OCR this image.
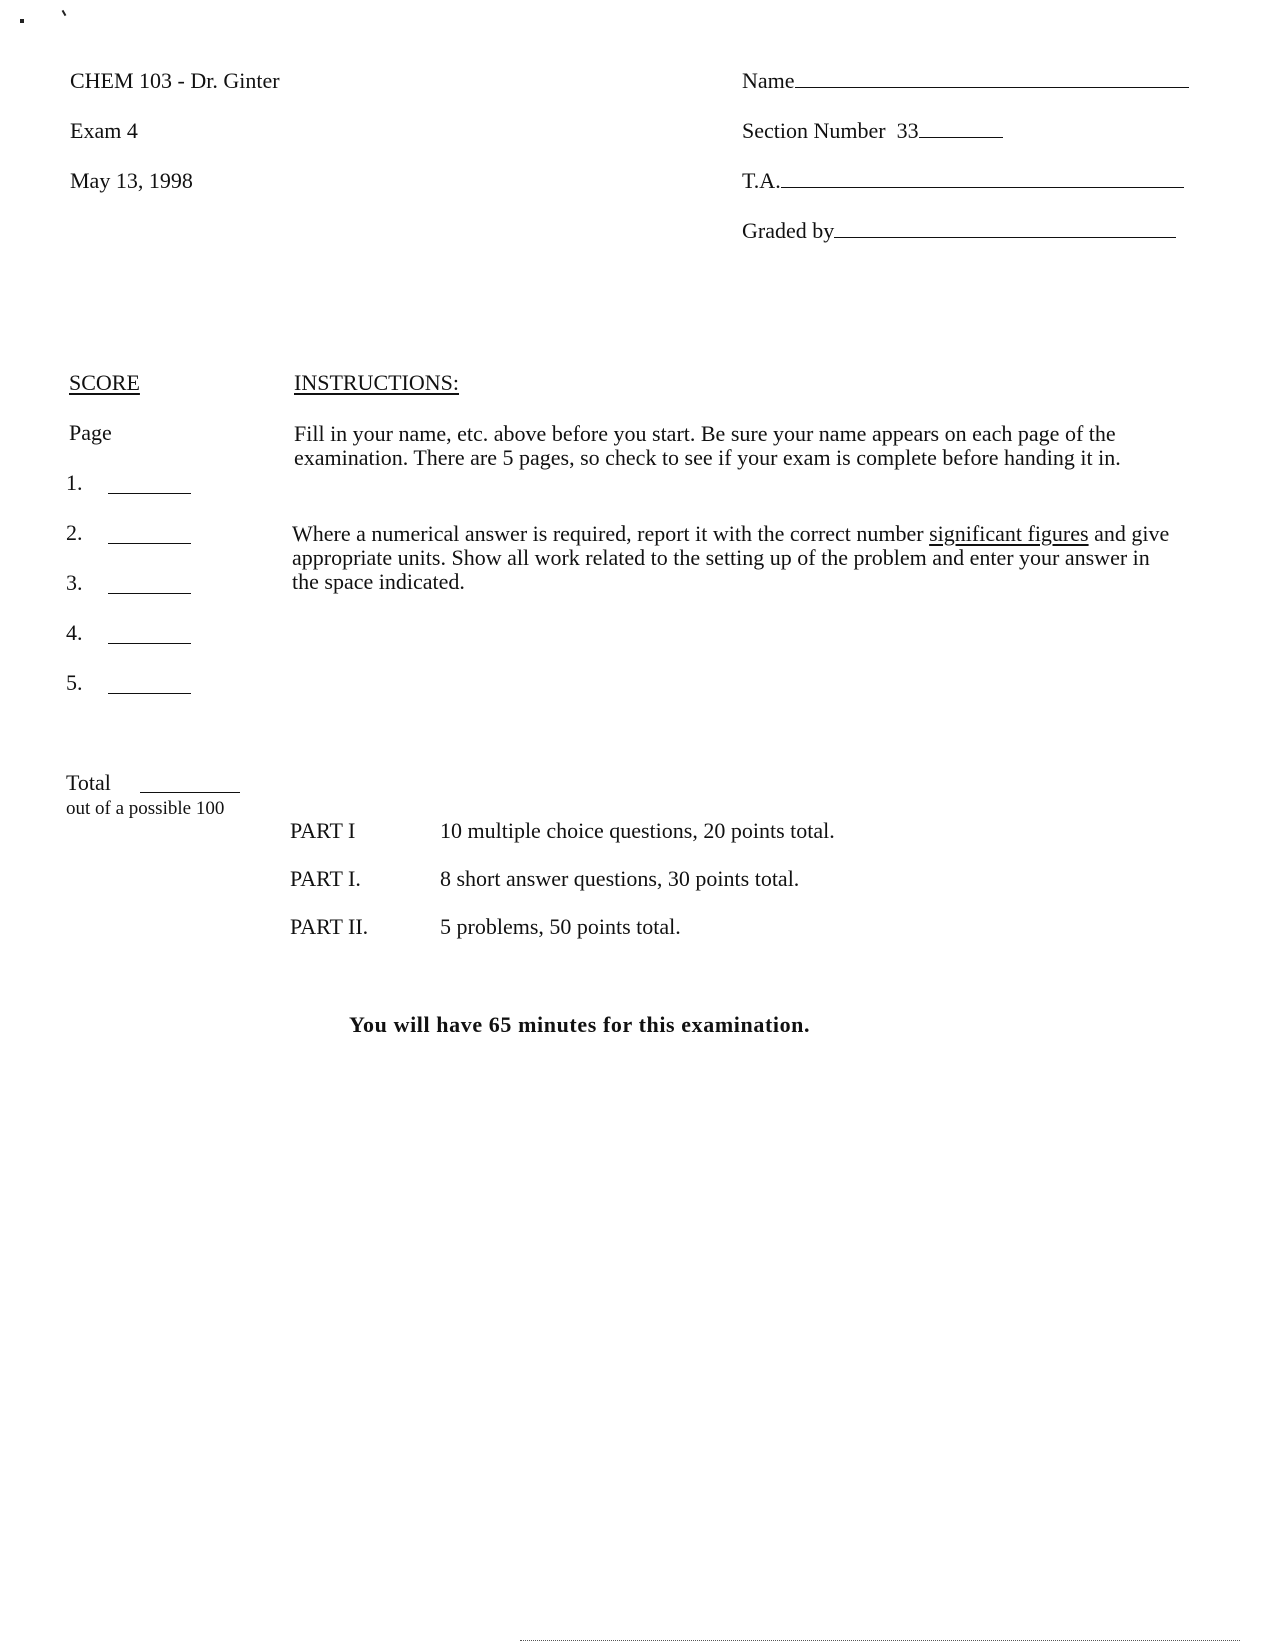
CHEM 103 - Dr. Ginter
Exam 4
May 13, 1998
Name
Section Number 33
T.A.
Graded by
SCORE
Page
1.
2.
3.
4.
5.
Total
out of a possible 100
INSTRUCTIONS:
Fill in your name, etc. above before you start. Be sure your name appears on each page of the examination. There are 5 pages, so check to see if your exam is complete before handing it in.
Where a numerical answer is required, report it with the correct number significant figures and give appropriate units. Show all work related to the setting up of the problem and enter your answer in the space indicated.
PART I	10 multiple choice questions, 20 points total.
PART I.	8 short answer questions, 30 points total.
PART II.	5 problems, 50 points total.
You will have 65 minutes for this examination.
